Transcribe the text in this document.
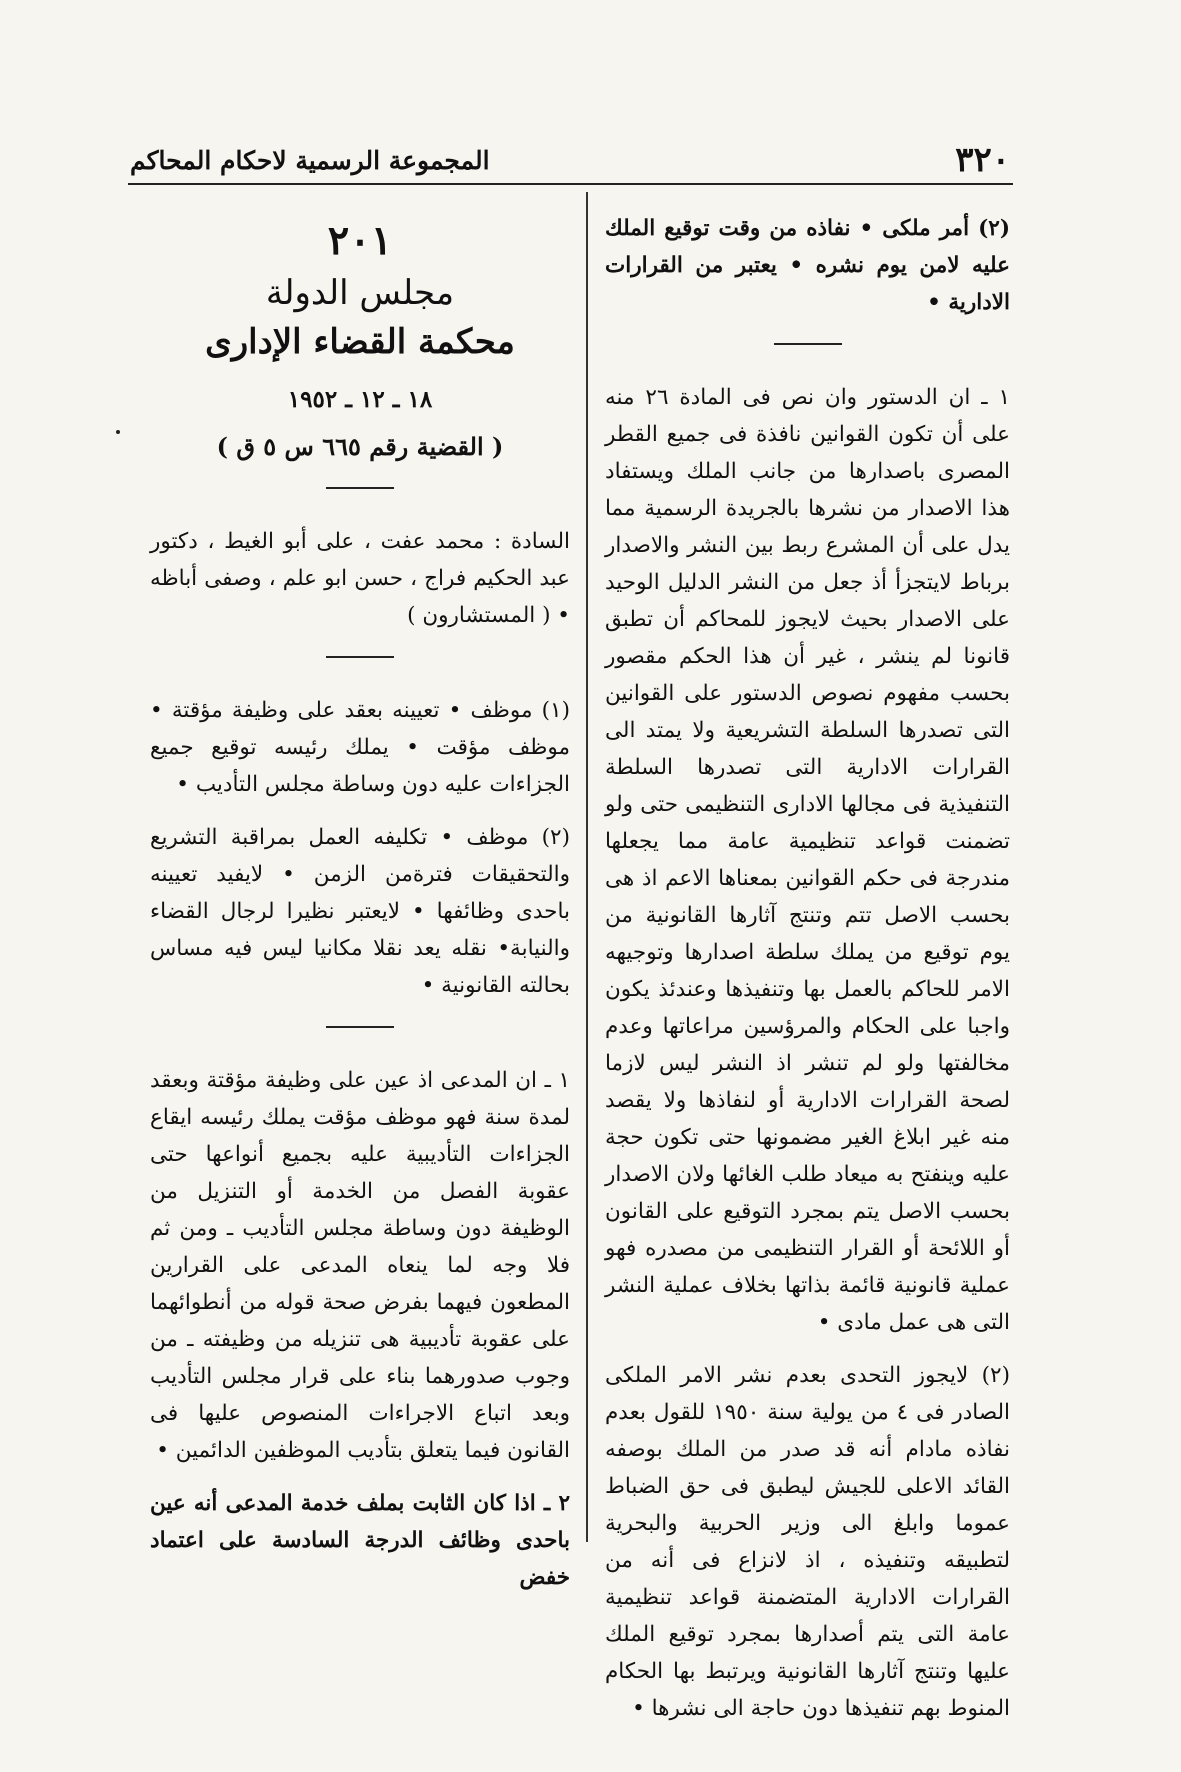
٣٢٠
المجموعة الرسمية لاحكام المحاكم

(٢) أمر ملكى • نفاذه من وقت توقيع الملك عليه لامن يوم نشره • يعتبر من القرارات الادارية •

١ ـ ان الدستور وان نص فى المادة ٢٦ منه على أن تكون القوانين نافذة فى جميع القطر المصرى باصدارها من جانب الملك ويستفاد هذا الاصدار من نشرها بالجريدة الرسمية مما يدل على أن المشرع ربط بين النشر والاصدار برباط لايتجزأ أذ جعل من النشر الدليل الوحيد على الاصدار بحيث لايجوز للمحاكم أن تطبق قانونا لم ينشر ، غير أن هذا الحكم مقصور بحسب مفهوم نصوص الدستور على القوانين التى تصدرها السلطة التشريعية ولا يمتد الى القرارات الادارية التى تصدرها السلطة التنفيذية فى مجالها الادارى التنظيمى حتى ولو تضمنت قواعد تنظيمية عامة مما يجعلها مندرجة فى حكم القوانين بمعناها الاعم اذ هى بحسب الاصل تتم وتنتج آثارها القانونية من يوم توقيع من يملك سلطة اصدارها وتوجيهه الامر للحاكم بالعمل بها وتنفيذها وعندئذ يكون واجبا على الحكام والمرؤسين مراعاتها وعدم مخالفتها ولو لم تنشر اذ النشر ليس لازما لصحة القرارات الادارية أو لنفاذها ولا يقصد منه غير ابلاغ الغير مضمونها حتى تكون حجة عليه وينفتح به ميعاد طلب الغائها ولان الاصدار بحسب الاصل يتم بمجرد التوقيع على القانون أو اللائحة أو القرار التنظيمى من مصدره فهو عملية قانونية قائمة بذاتها بخلاف عملية النشر التى هى عمل مادى •

(٢) لايجوز التحدى بعدم نشر الامر الملكى الصادر فى ٤ من يولية سنة ١٩٥٠ للقول بعدم نفاذه مادام أنه قد صدر من الملك بوصفه القائد الاعلى للجيش ليطبق فى حق الضباط عموما وابلغ الى وزير الحربية والبحرية لتطبيقه وتنفيذه ، اذ لانزاع فى أنه من القرارات الادارية المتضمنة قواعد تنظيمية عامة التى يتم أصدارها بمجرد توقيع الملك عليها وتنتج آثارها القانونية ويرتبط بها الحكام المنوط بهم تنفيذها دون حاجة الى نشرها •

٢٠١
مجلس الدولة
محكمة القضاء الإدارى
١٨ ـ ١٢ ـ ١٩٥٢
( القضية رقم ٦٦٥ س ٥ ق )

السادة : محمد عفت ، على أبو الغيط ، دكتور عبد الحكيم فراج ، حسن ابو علم ، وصفى أباظه • ( المستشارون )

(١) موظف • تعيينه بعقد على وظيفة مؤقتة • موظف مؤقت • يملك رئيسه توقيع جميع الجزاءات عليه دون وساطة مجلس التأديب •

(٢) موظف • تكليفه العمل بمراقبة التشريع والتحقيقات فترةمن الزمن • لايفيد تعيينه باحدى وظائفها • لايعتبر نظيرا لرجال القضاء والنيابة• نقله يعد نقلا مكانيا ليس فيه مساس بحالته القانونية •

١ ـ ان المدعى اذ عين على وظيفة مؤقتة وبعقد لمدة سنة فهو موظف مؤقت يملك رئيسه ايقاع الجزاءات التأديبية عليه بجميع أنواعها حتى عقوبة الفصل من الخدمة أو التنزيل من الوظيفة دون وساطة مجلس التأديب ـ ومن ثم فلا وجه لما ينعاه المدعى على القرارين المطعون فيهما بفرض صحة قوله من أنطوائهما على عقوبة تأديبية هى تنزيله من وظيفته ـ من وجوب صدورهما بناء على قرار مجلس التأديب وبعد اتباع الاجراءات المنصوص عليها فى القانون فيما يتعلق بتأديب الموظفين الدائمين •

٢ ـ اذا كان الثابت بملف خدمة المدعى أنه عين باحدى وظائف الدرجة السادسة على اعتماد خفض
